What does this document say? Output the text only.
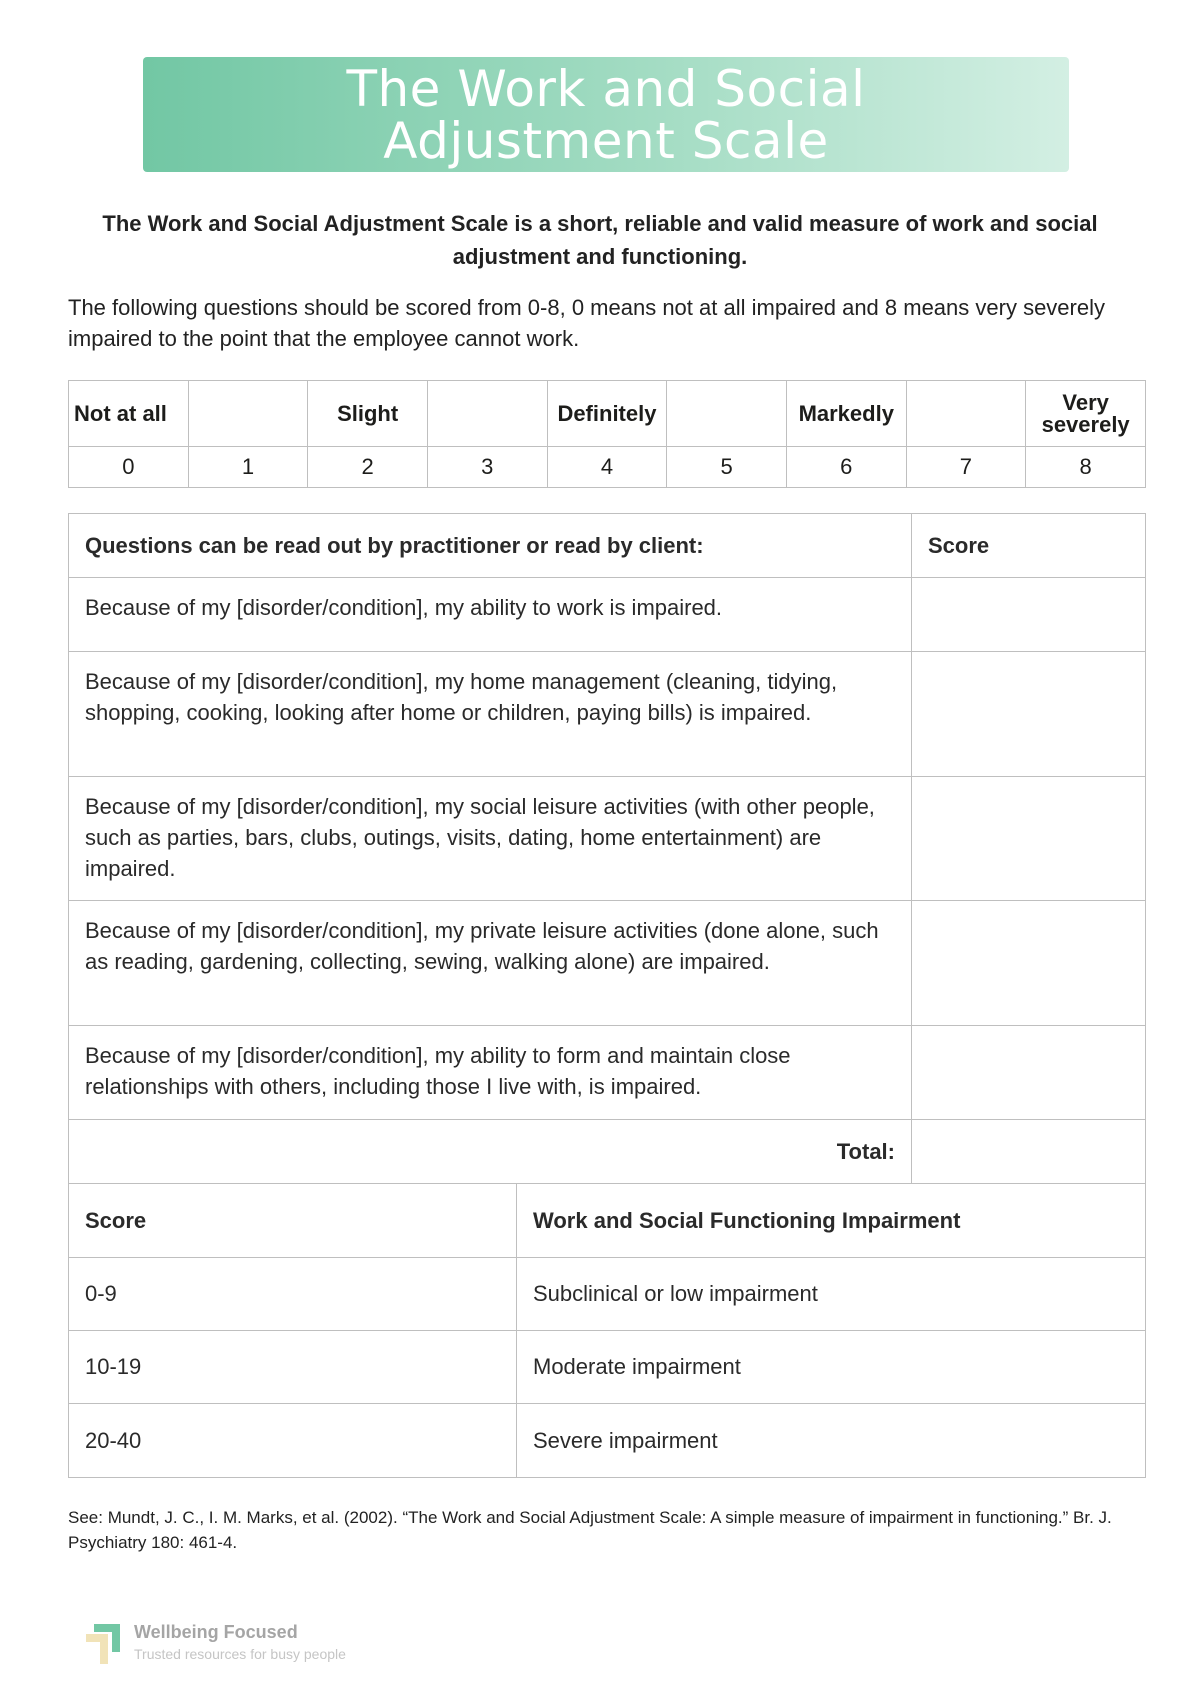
The Work and Social
Adjustment Scale
The Work and Social Adjustment Scale is a short, reliable and valid measure of work and social adjustment and functioning.
The following questions should be scored from 0-8, 0 means not at all impaired and 8 means very severely impaired to the point that the employee cannot work.
Not at all		Slight		Definitely		Markedly		Very severely
0	1	2	3	4	5	6	7	8
Questions can be read out by practitioner or read by client:	Score
Because of my [disorder/condition], my ability to work is impaired.	
Because of my [disorder/condition], my home management (cleaning, tidying, shopping, cooking, looking after home or children, paying bills) is impaired.	
Because of my [disorder/condition], my social leisure activities (with other people, such as parties, bars, clubs, outings, visits, dating, home entertainment) are impaired.	
Because of my [disorder/condition], my private leisure activities (done alone, such as reading, gardening, collecting, sewing, walking alone) are impaired.	
Because of my [disorder/condition], my ability to form and maintain close relationships with others, including those I live with, is impaired.	
Total:	
Score	Work and Social Functioning Impairment
0-9	Subclinical or low impairment
10-19	Moderate impairment
20-40	Severe impairment
See: Mundt, J. C., I. M. Marks, et al. (2002). “The Work and Social Adjustment Scale: A simple measure of impairment in functioning.” Br. J. Psychiatry 180: 461-4.
Wellbeing Focused
Trusted resources for busy people
